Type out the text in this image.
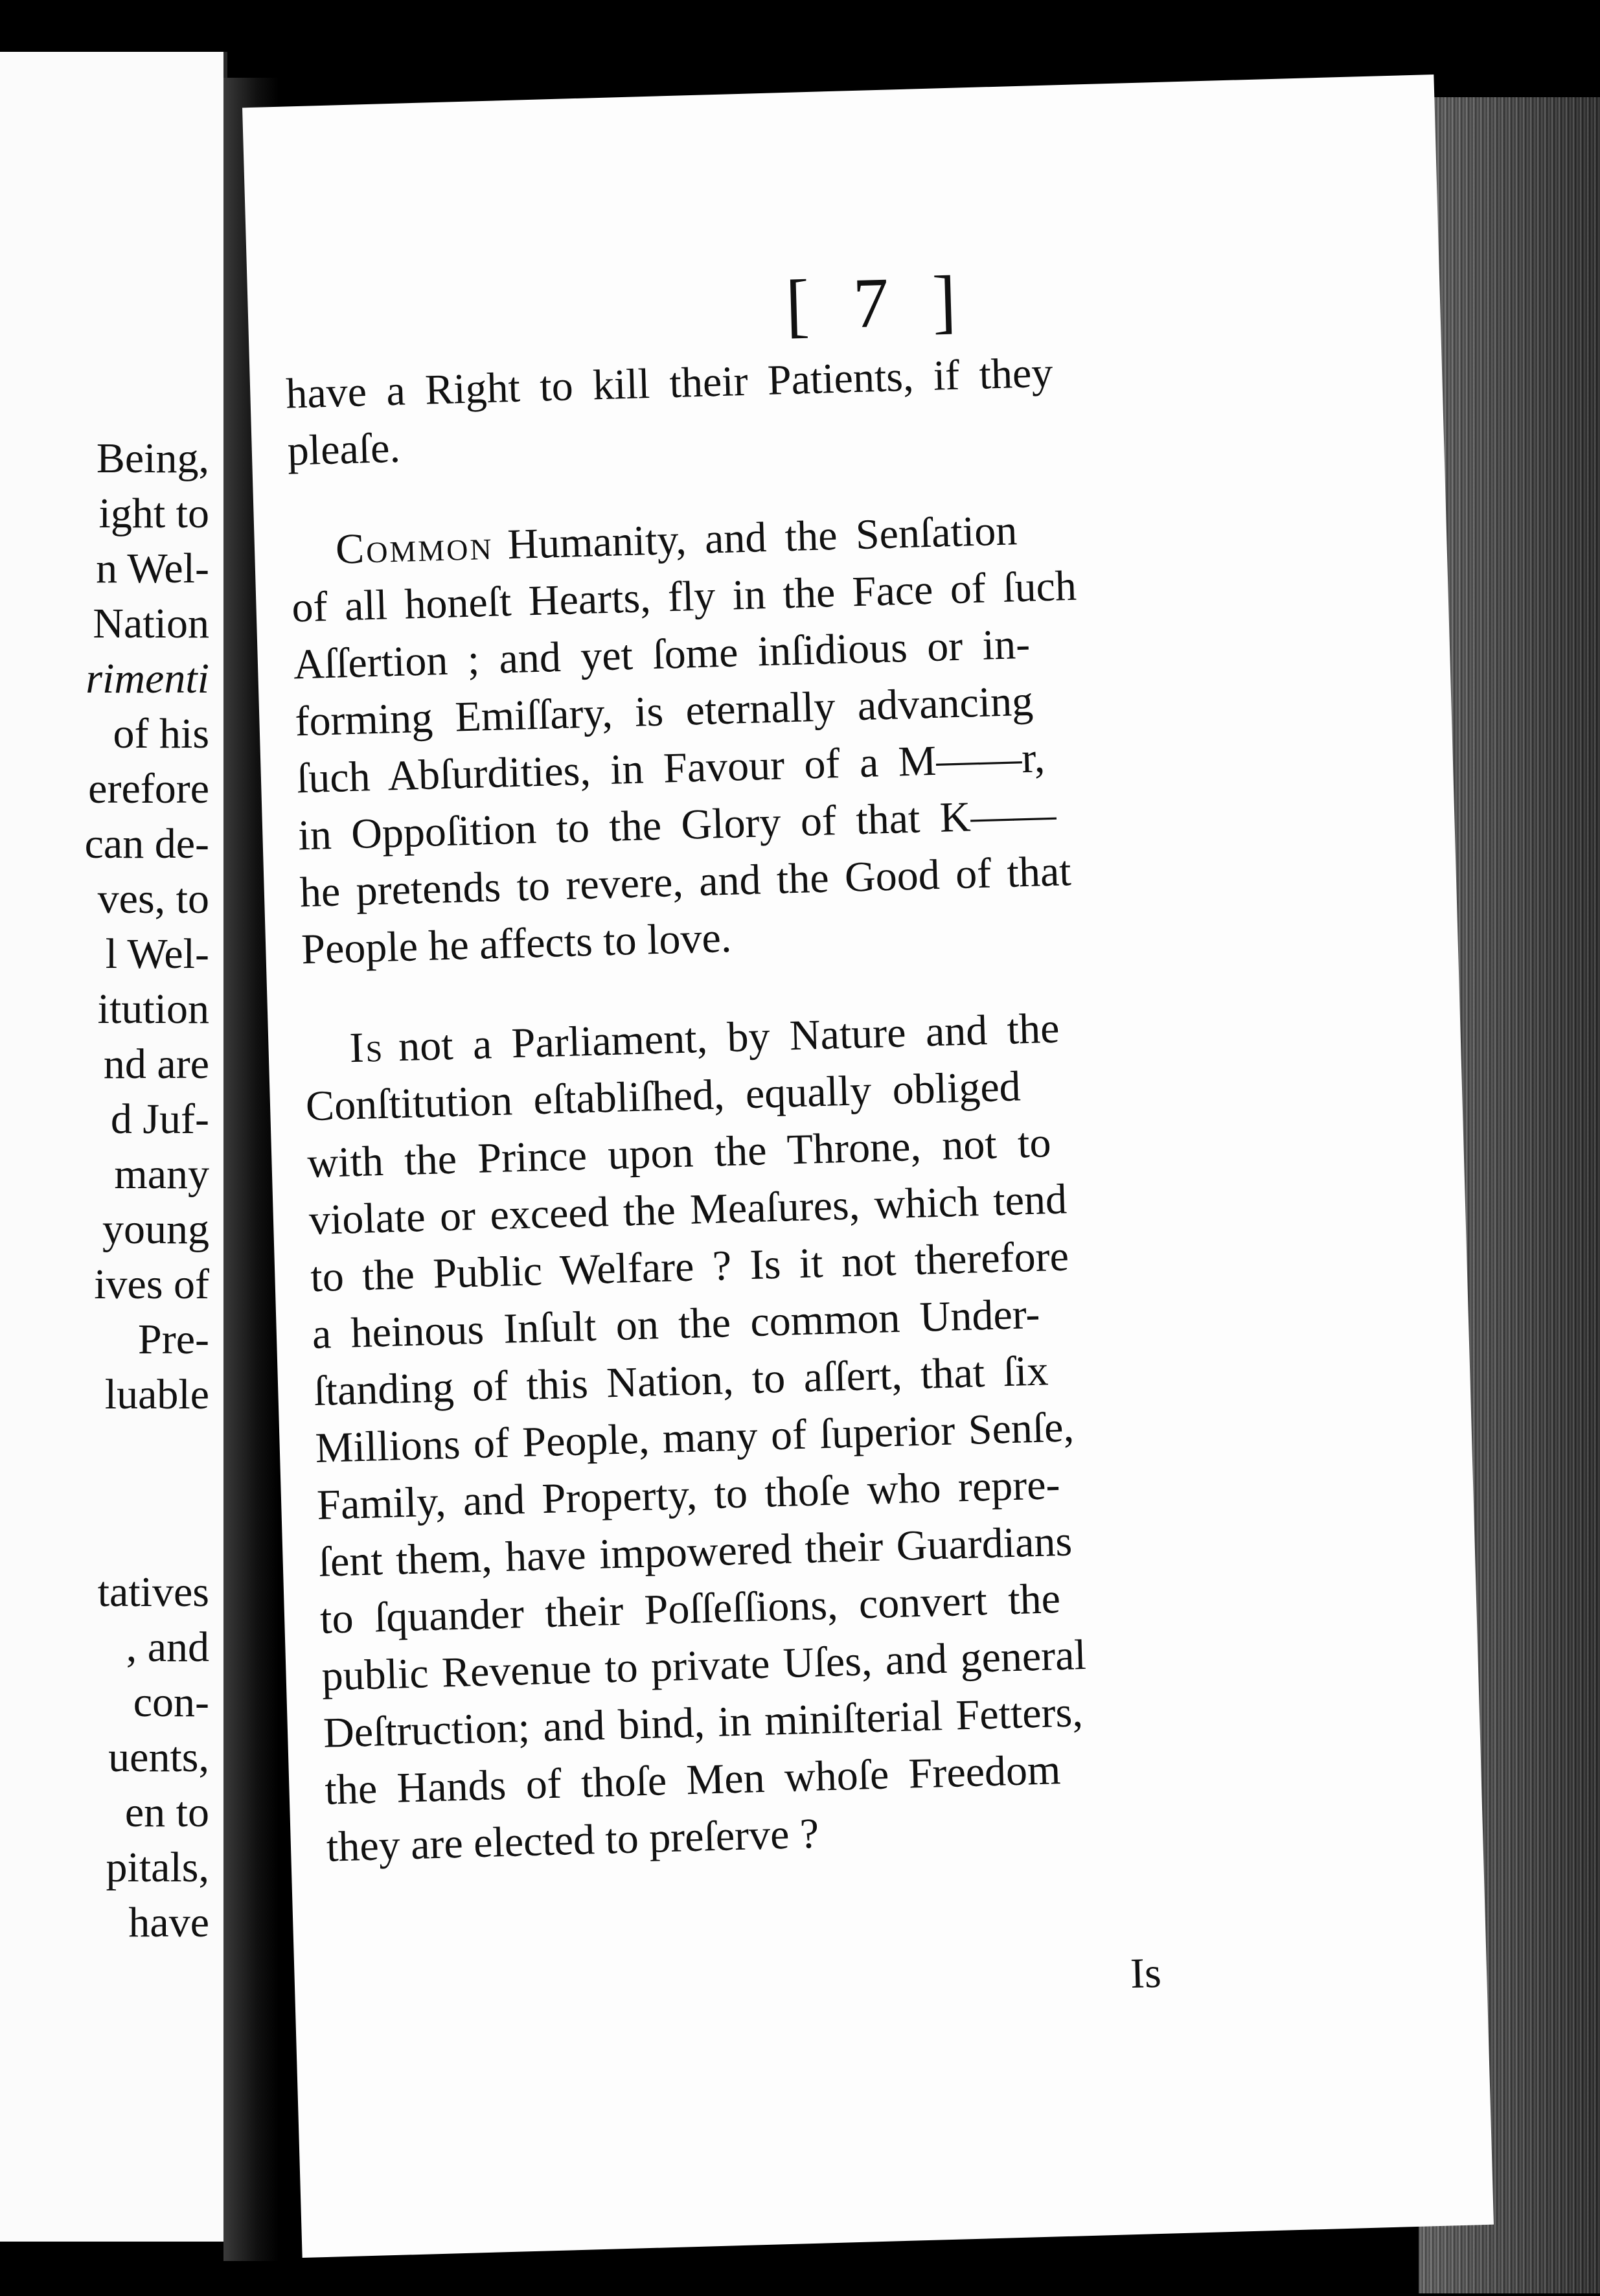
Being,
ight to
n Wel-
Nation
rimenti
of his
erefore
can de-
ves, to
l Wel-
itution
nd are
d Juf-
many
young
ives of
Pre-
luable
tatives
, and
con-
uents,
en to
pitals,
have
[ 7 ]
have a Right to kill their Patients, if they
pleaſe.
Common Humanity, and the Senſation
of all honeſt Hearts, fly in the Face of ſuch
Aſſertion ; and yet ſome inſidious or in-
forming Emiſſary, is eternally advancing
ſuch Abſurdities, in Favour of a M——r,
in Oppoſition to the Glory of that K——
he pretends to revere, and the Good of that
People he affects to love.
Is not a Parliament, by Nature and the
Conſtitution eſtabliſhed, equally obliged
with the Prince upon the Throne, not to
violate or exceed the Meaſures, which tend
to the Public Welfare ? Is it not therefore
a heinous Inſult on the common Under-
ſtanding of this Nation, to aſſert, that ſix
Millions of People, many of ſuperior Senſe,
Family, and Property, to thoſe who repre-
ſent them, have impowered their Guardians
to ſquander their Poſſeſſions, convert the
public Revenue to private Uſes, and general
Deſtruction; and bind, in miniſterial Fetters,
the Hands of thoſe Men whoſe Freedom
they are elected to preſerve ?
Is
